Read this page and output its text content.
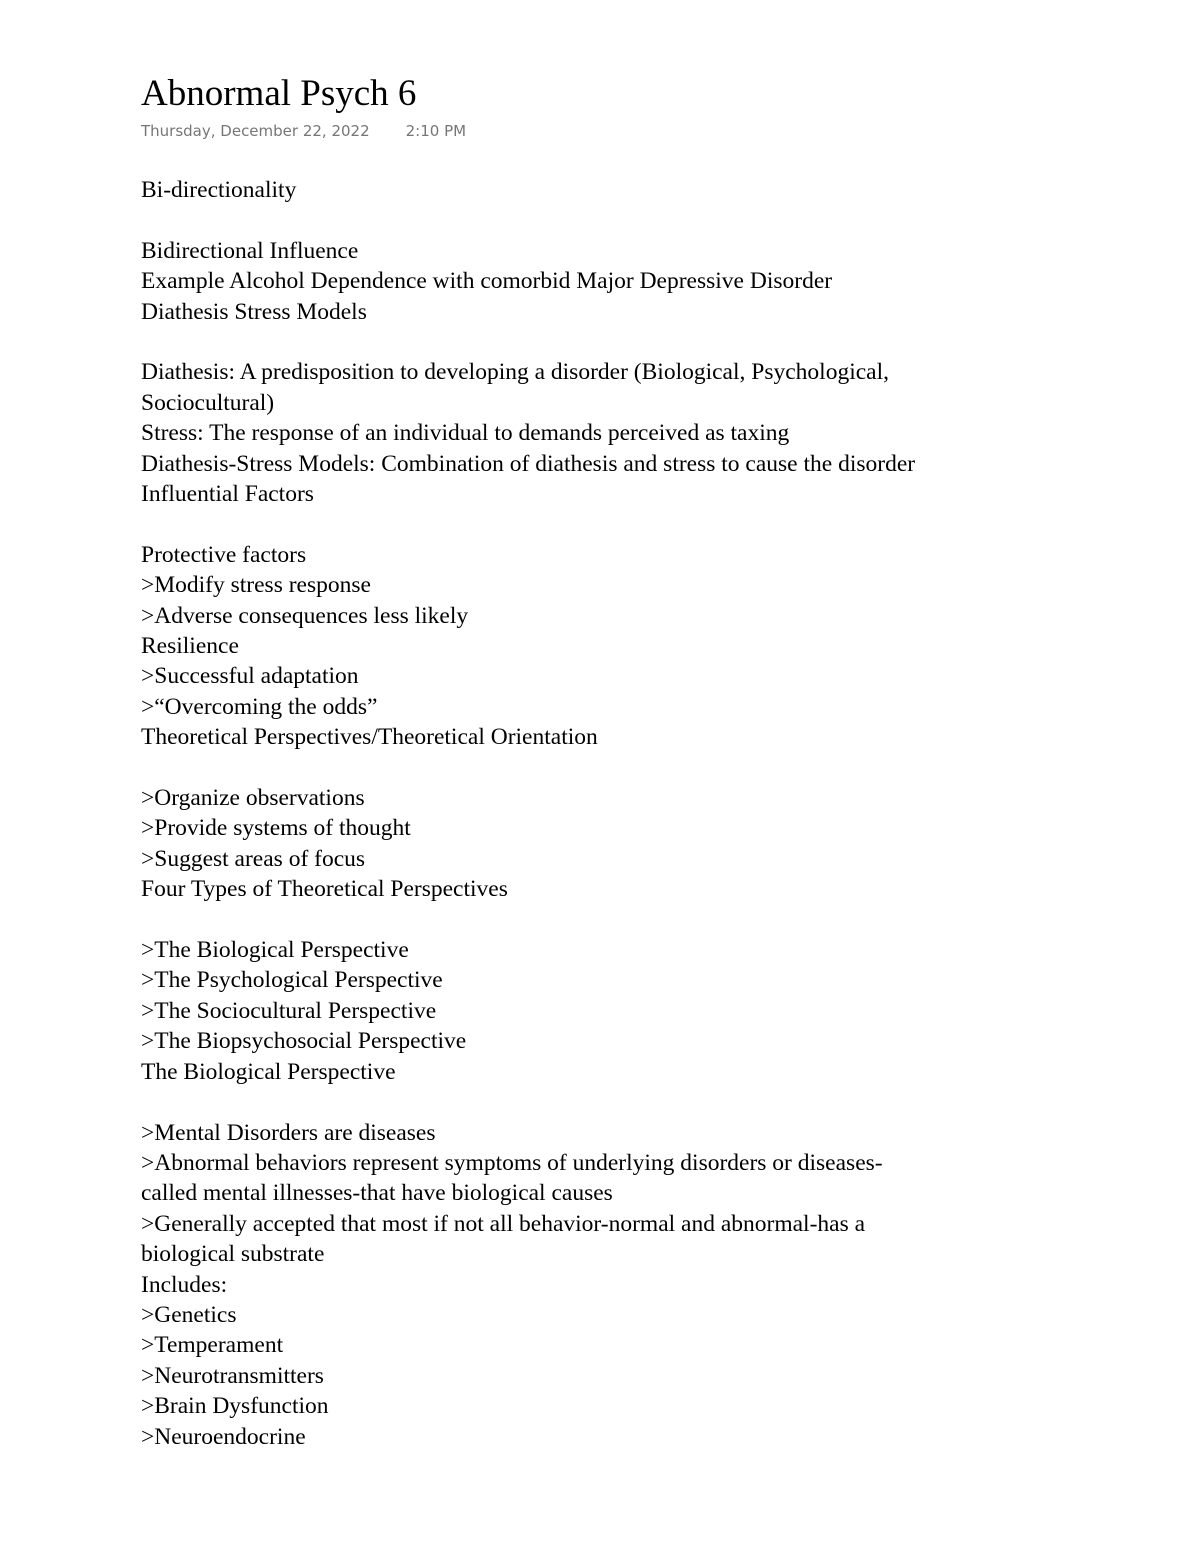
Abnormal Psych 6
Thursday, December 22, 2022 2:10 PM
Bi-directionality
Bidirectional Influence
Example Alcohol Dependence with comorbid Major Depressive Disorder
Diathesis Stress Models
Diathesis: A predisposition to developing a disorder (Biological, Psychological,
Sociocultural)
Stress: The response of an individual to demands perceived as taxing
Diathesis-Stress Models: Combination of diathesis and stress to cause the disorder
Influential Factors
Protective factors
>Modify stress response
>Adverse consequences less likely
Resilience
>Successful adaptation
>“Overcoming the odds”
Theoretical Perspectives/Theoretical Orientation
>Organize observations
>Provide systems of thought
>Suggest areas of focus
Four Types of Theoretical Perspectives
>The Biological Perspective
>The Psychological Perspective
>The Sociocultural Perspective
>The Biopsychosocial Perspective
The Biological Perspective
>Mental Disorders are diseases
>Abnormal behaviors represent symptoms of underlying disorders or diseases-
called mental illnesses-that have biological causes
>Generally accepted that most if not all behavior-normal and abnormal-has a
biological substrate
Includes:
>Genetics
>Temperament
>Neurotransmitters
>Brain Dysfunction
>Neuroendocrine
